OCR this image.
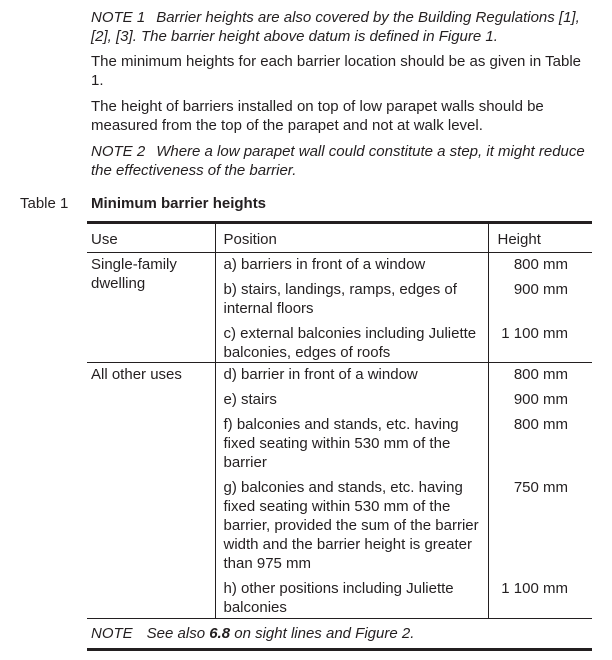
NOTE 1 Barrier heights are also covered by the Building Regulations [1], [2], [3]. The barrier height above datum is defined in Figure 1.
The minimum heights for each barrier location should be as given in Table 1.
The height of barriers installed on top of low parapet walls should be measured from the top of the parapet and not at walk level.
NOTE 2 Where a low parapet wall could constitute a step, it might reduce the effectiveness of the barrier.
Table 1 Minimum barrier heights
Use	Position	Height
Single-family dwelling	a) barriers in front of a window	800 mm
	b) stairs, landings, ramps, edges of internal floors	900 mm
	c) external balconies including Juliette balconies, edges of roofs	1 100 mm
All other uses	d) barrier in front of a window	800 mm
	e) stairs	900 mm
	f) balconies and stands, etc. having fixed seating within 530 mm of the barrier	800 mm
	g) balconies and stands, etc. having fixed seating within 530 mm of the barrier, provided the sum of the barrier width and the barrier height is greater than 975 mm	750 mm
	h) other positions including Juliette balconies	1 100 mm
NOTE See also 6.8 on sight lines and Figure 2.		
